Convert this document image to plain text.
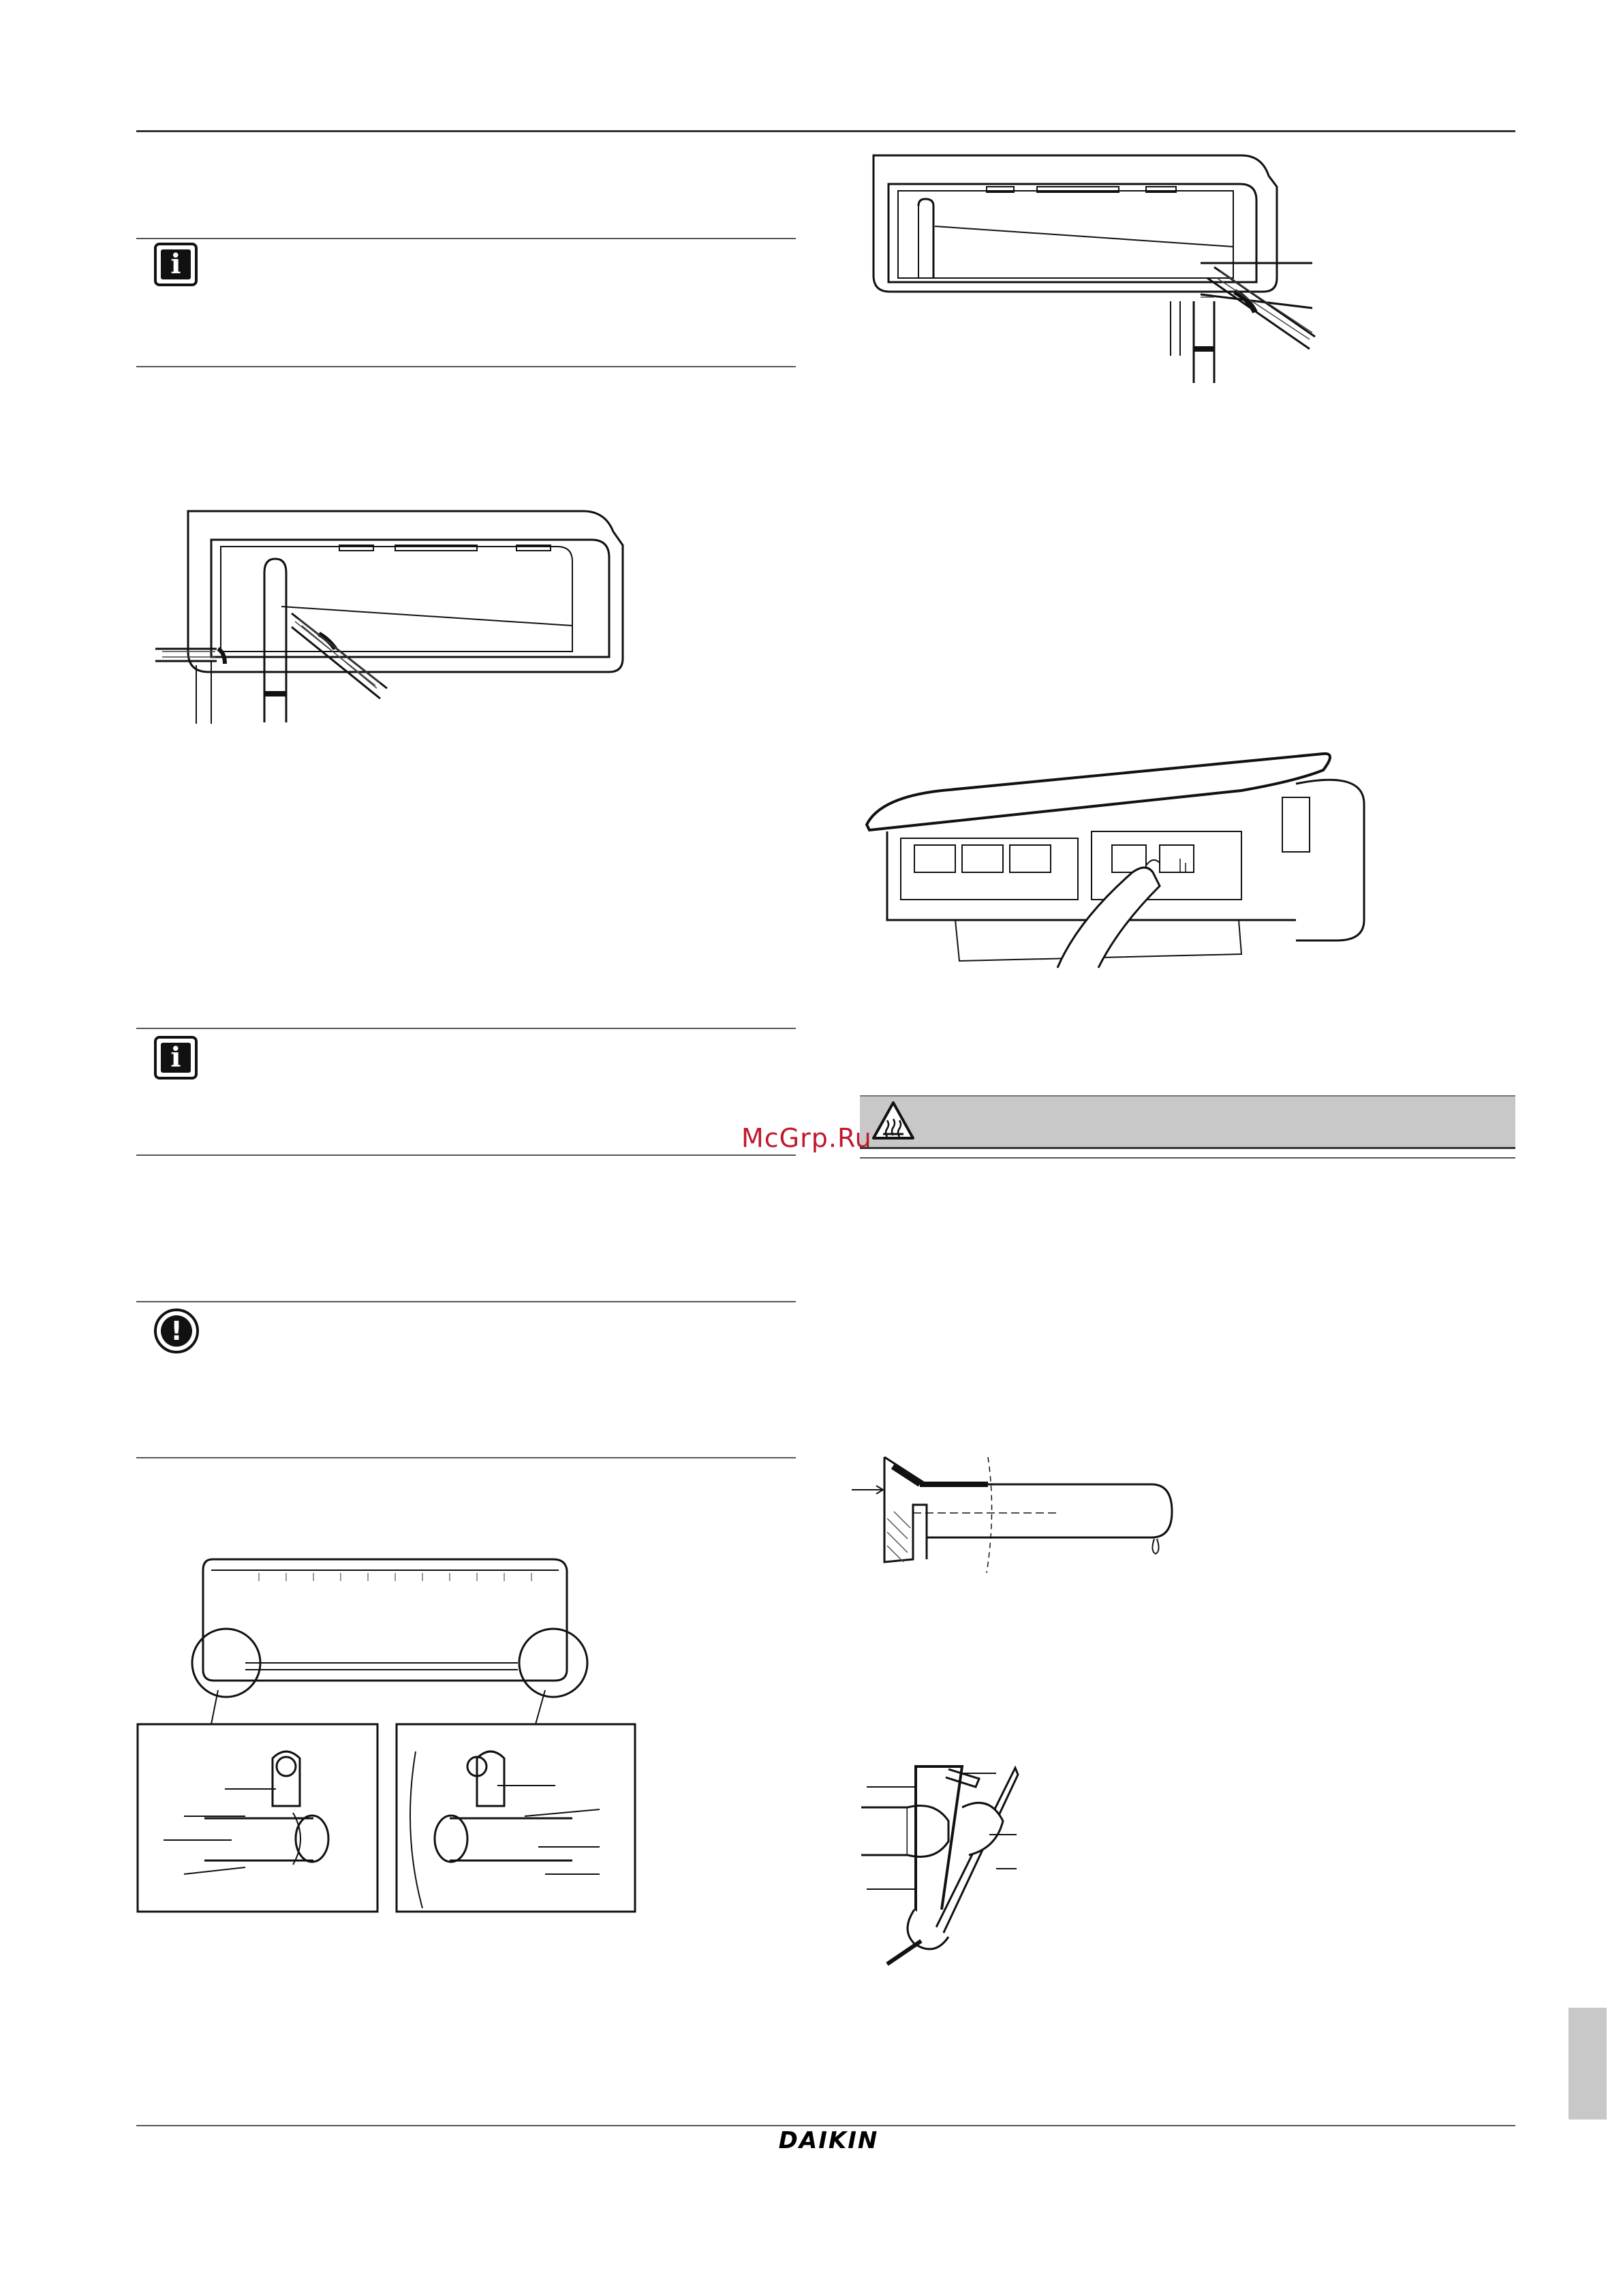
i
i
!
McGrp.Ru
DAIKIN
